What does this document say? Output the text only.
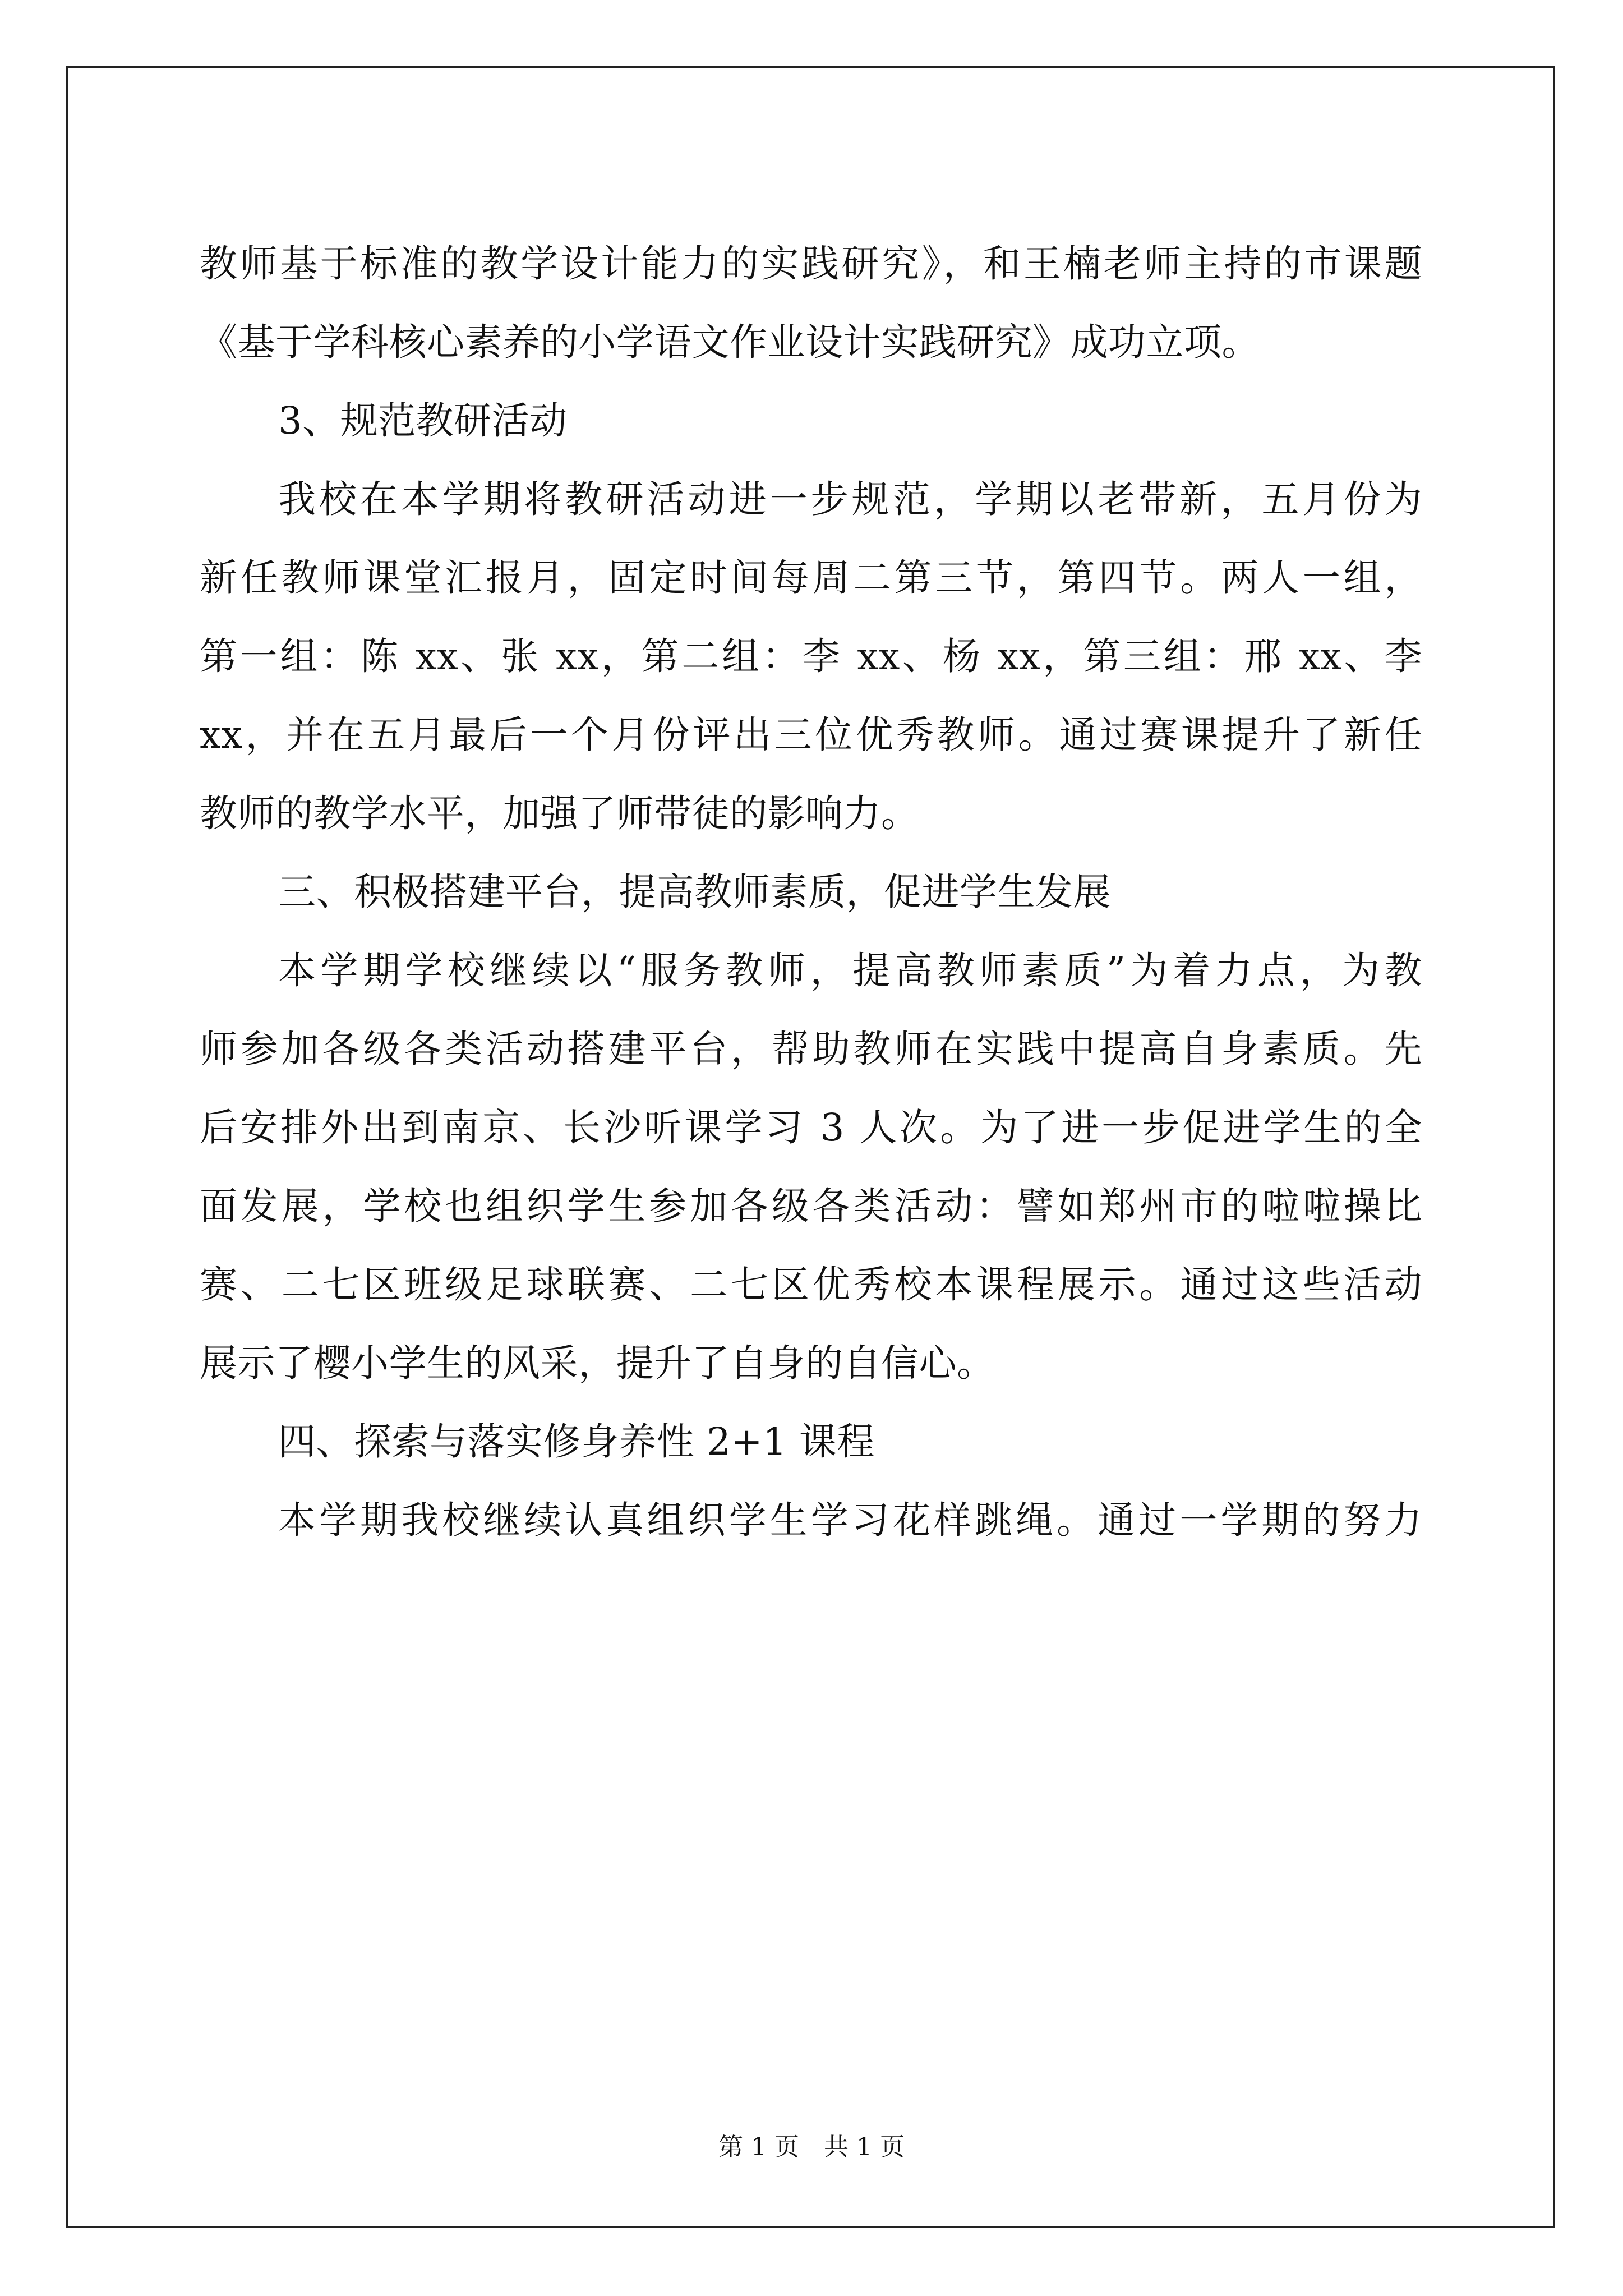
教师基于标准的教学设计能力的实践研究》，和王楠老师主持的市课题
《基于学科核心素养的小学语文作业设计实践研究》成功立项。
3、规范教研活动
我校在本学期将教研活动进一步规范，学期以老带新，五月份为
新任教师课堂汇报月，固定时间每周二第三节，第四节。两人一组，
第一组：陈 xx、张 xx，第二组：李 xx、杨 xx，第三组：邢 xx、李
xx，并在五月最后一个月份评出三位优秀教师。通过赛课提升了新任
教师的教学水平，加强了师带徒的影响力。
三、积极搭建平台，提高教师素质，促进学生发展
本学期学校继续以“服务教师，提高教师素质”为着力点，为教
师参加各级各类活动搭建平台，帮助教师在实践中提高自身素质。先
后安排外出到南京、长沙听课学习 3 人次。为了进一步促进学生的全
面发展，学校也组织学生参加各级各类活动：譬如郑州市的啦啦操比
赛、二七区班级足球联赛、二七区优秀校本课程展示。通过这些活动
展示了樱小学生的风采，提升了自身的自信心。
四、探索与落实修身养性 2+1 课程
本学期我校继续认真组织学生学习花样跳绳。通过一学期的努力
第 1 页　共 1 页
